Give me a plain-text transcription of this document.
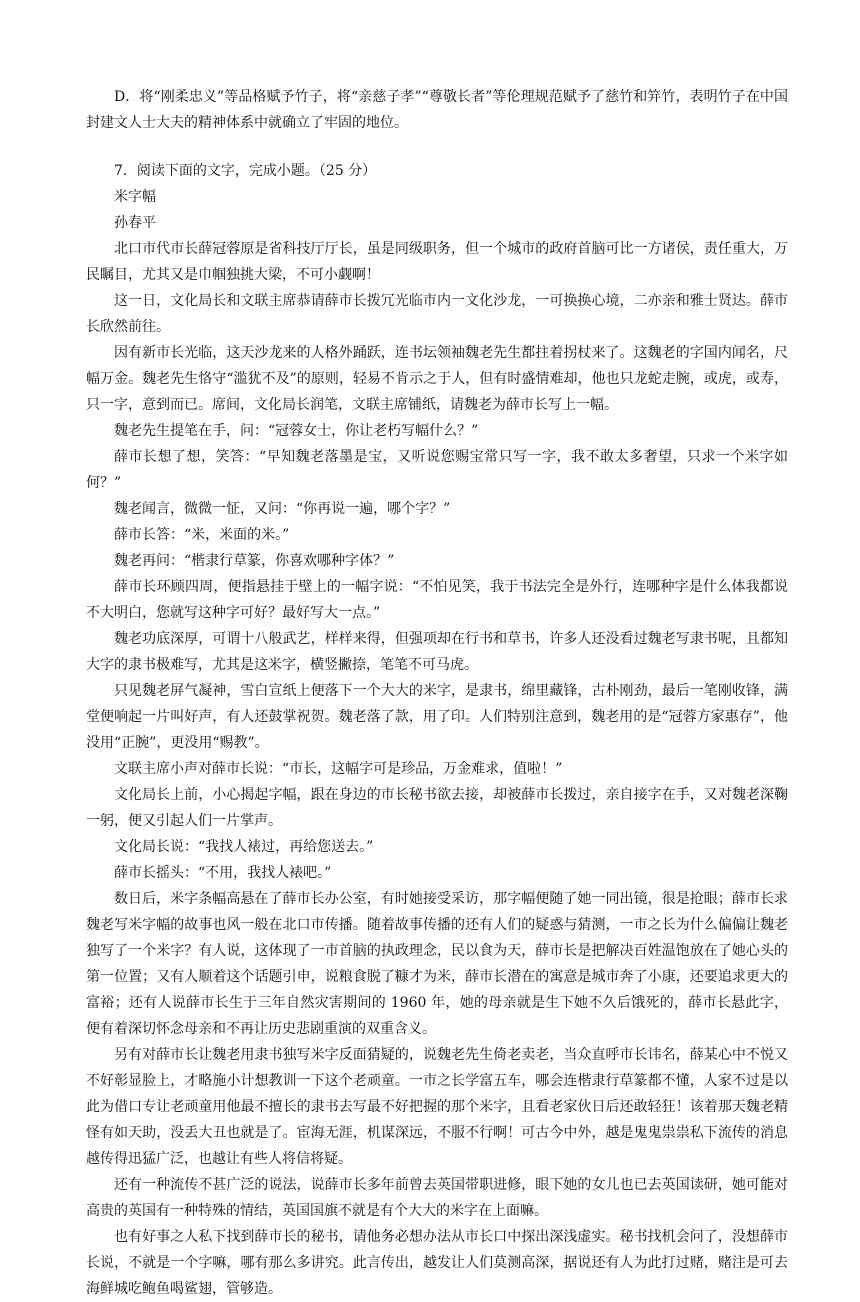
D．将“刚柔忠义”等品格赋予竹子，将“亲慈子孝”“尊敬长者”等伦理规范赋予了慈竹和笄竹，表明竹子在中国封建文人士大夫的精神体系中就确立了牢固的地位。

7．阅读下面的文字，完成小题。（25 分）

米字幅

孙春平

北口市代市长薛冠蓉原是省科技厅厅长，虽是同级职务，但一个城市的政府首脑可比一方诸侯，责任重大，万民瞩目，尤其又是巾帼独挑大梁，不可小觑啊！

这一日，文化局长和文联主席恭请薛市长拨冗光临市内一文化沙龙，一可换换心境，二亦亲和雅士贤达。薛市长欣然前往。

因有新市长光临，这天沙龙来的人格外踊跃，连书坛领袖魏老先生都拄着拐杖来了。这魏老的字国内闻名，尺幅万金。魏老先生恪守“滥犹不及”的原则，轻易不肯示之于人，但有时盛情难却，他也只龙蛇走腕，或虎，或寿，只一字，意到而已。席间，文化局长润笔，文联主席铺纸，请魏老为薛市长写上一幅。

魏老先生提笔在手，问：“冠蓉女士，你让老朽写幅什么？”

薛市长想了想，笑答：“早知魏老落墨是宝，又听说您赐宝常只写一字，我不敢太多奢望，只求一个米字如何？”

魏老闻言，微微一怔，又问：“你再说一遍，哪个字？”

薛市长答：“米，米面的米。”

魏老再问：“楷隶行草篆，你喜欢哪种字体？”

薛市长环顾四周，便指悬挂于壁上的一幅字说：“不怕见笑，我于书法完全是外行，连哪种字是什么体我都说不大明白，您就写这种字可好？最好写大一点。”

魏老功底深厚，可谓十八般武艺，样样来得，但强项却在行书和草书，许多人还没看过魏老写隶书呢，且都知大字的隶书极难写，尤其是这米字，横竖撇捺，笔笔不可马虎。

只见魏老屏气凝神，雪白宣纸上便落下一个大大的米字，是隶书，绵里藏锋，古朴刚劲，最后一笔刚收锋，满堂便响起一片叫好声，有人还鼓掌祝贺。魏老落了款，用了印。人们特别注意到，魏老用的是“冠蓉方家惠存”，他没用“正腕”，更没用“赐教”。

文联主席小声对薛市长说：“市长，这幅字可是珍品，万金难求，值啦！”

文化局长上前，小心揭起字幅，跟在身边的市长秘书欲去接，却被薛市长拨过，亲自接字在手，又对魏老深鞠一躬，便又引起人们一片掌声。

文化局长说：“我找人裱过，再给您送去。”

薛市长摇头：“不用，我找人裱吧。”

数日后，米字条幅高悬在了薛市长办公室，有时她接受采访，那字幅便随了她一同出镜，很是抢眼；薛市长求魏老写米字幅的故事也风一般在北口市传播。随着故事传播的还有人们的疑惑与猜测，一市之长为什么偏偏让魏老独写了一个米字？有人说，这体现了一市首脑的执政理念，民以食为天，薛市长是把解决百姓温饱放在了她心头的第一位置；又有人顺着这个话题引申，说粮食脱了糠才为米，薛市长潜在的寓意是城市奔了小康，还要追求更大的富裕；还有人说薛市长生于三年自然灾害期间的 1960 年，她的母亲就是生下她不久后饿死的，薛市长悬此字，便有着深切怀念母亲和不再让历史悲剧重演的双重含义。

另有对薛市长让魏老用隶书独写米字反面猜疑的，说魏老先生倚老卖老，当众直呼市长讳名，薛某心中不悦又不好彰显脸上，才略施小计想教训一下这个老顽童。一市之长学富五车，哪会连楷隶行草篆都不懂，人家不过是以此为借口专让老顽童用他最不擅长的隶书去写最不好把握的那个米字，且看老家伙日后还敢轻狂！该着那天魏老精怪有如天助，没丢大丑也就是了。宦海无涯，机谋深远，不服不行啊！可古今中外，越是鬼鬼祟祟私下流传的消息越传得迅猛广泛，也越让有些人将信将疑。

还有一种流传不甚广泛的说法，说薛市长多年前曾去英国带职进修，眼下她的女儿也已去英国读研，她可能对高贵的英国有一种特殊的情结，英国国旗不就是有个大大的米字在上面嘛。

也有好事之人私下找到薛市长的秘书，请他务必想办法从市长口中探出深浅虚实。秘书找机会问了，没想薛市长说，不就是一个字嘛，哪有那么多讲究。此言传出，越发让人们莫测高深，据说还有人为此打过赌，赌注是可去海鲜城吃鲍鱼喝鲨翅，管够造。
